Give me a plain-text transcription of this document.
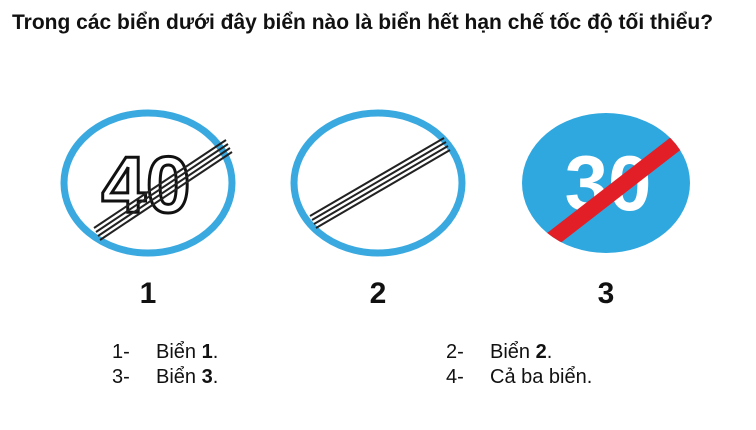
Trong các biển dưới đây biển nào là biển hết hạn chế tốc độ tối thiểu?
40	30
1	2	3
1- Biển 1.	2- Biển 2.
3- Biển 3.	4- Cả ba biển.
